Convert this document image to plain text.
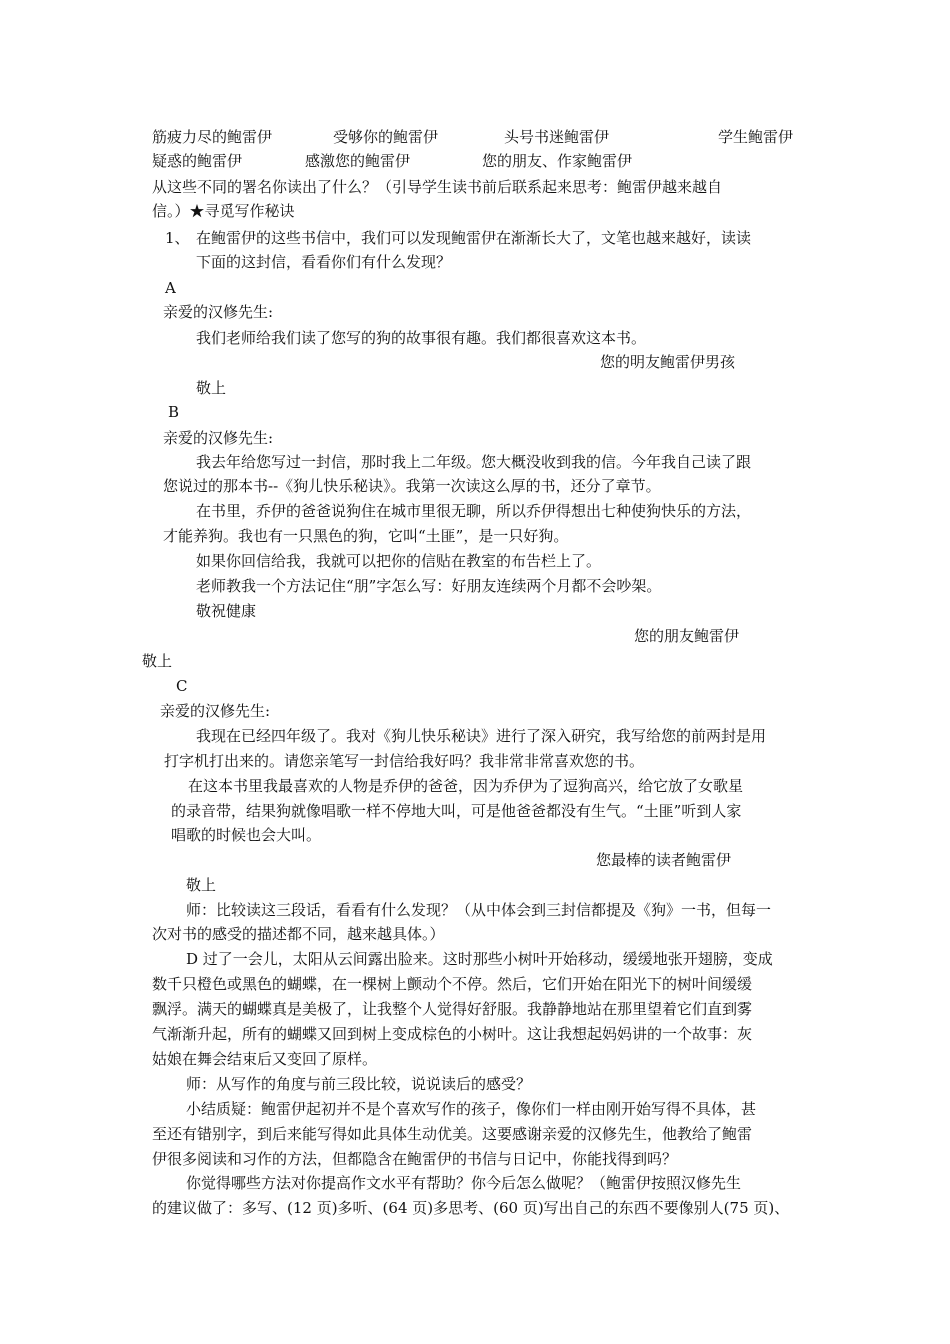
筋疲力尽的鲍雷伊	受够你的鲍雷伊	头号书迷鲍雷伊	学生鲍雷伊
疑惑的鲍雷伊	感激您的鲍雷伊	您的朋友、作家鲍雷伊
从这些不同的署名你读出了什么？（引导学生读书前后联系起来思考：鲍雷伊越来越自
信。）★寻觅写作秘诀
1、 在鲍雷伊的这些书信中，我们可以发现鲍雷伊在渐渐长大了，文笔也越来越好，读读
下面的这封信，看看你们有什么发现？
A
亲爱的汉修先生:
我们老师给我们读了您写的狗的故事很有趣。我们都很喜欢这本书。
您的明友鲍雷伊男孩
敬上
B
亲爱的汉修先生:
我去年给您写过一封信，那时我上二年级。您大概没收到我的信。今年我自己读了跟
您说过的那本书--《狗儿快乐秘诀》。我第一次读这么厚的书，还分了章节。
在书里，乔伊的爸爸说狗住在城市里很无聊，所以乔伊得想出七种使狗快乐的方法，
才能养狗。我也有一只黑色的狗，它叫“土匪”，是一只好狗。
如果你回信给我，我就可以把你的信贴在教室的布告栏上了。
老师教我一个方法记住“朋”字怎么写：好朋友连续两个月都不会吵架。
敬祝健康
您的朋友鲍雷伊
敬上
C
亲爱的汉修先生:
我现在已经四年级了。我对《狗儿快乐秘诀》进行了深入研究，我写给您的前两封是用
打字机打出来的。请您亲笔写一封信给我好吗？我非常非常喜欢您的书。
在这本书里我最喜欢的人物是乔伊的爸爸，因为乔伊为了逗狗高兴，给它放了女歌星
的录音带，结果狗就像唱歌一样不停地大叫，可是他爸爸都没有生气。“土匪”听到人家
唱歌的时候也会大叫。
您最棒的读者鲍雷伊
敬上
师：比较读这三段话，看看有什么发现？（从中体会到三封信都提及《狗》一书，但每一
次对书的感受的描述都不同，越来越具体。）
D 过了一会儿，太阳从云间露出脸来。这时那些小树叶开始移动，缓缓地张开翅膀，变成
数千只橙色或黑色的蝴蝶，在一棵树上颤动个不停。然后，它们开始在阳光下的树叶间缓缓
飘浮。满天的蝴蝶真是美极了，让我整个人觉得好舒服。我静静地站在那里望着它们直到雾
气渐渐升起，所有的蝴蝶又回到树上变成棕色的小树叶。这让我想起妈妈讲的一个故事：灰
姑娘在舞会结束后又变回了原样。
师：从写作的角度与前三段比较，说说读后的感受？
小结质疑：鲍雷伊起初并不是个喜欢写作的孩子，像你们一样由刚开始写得不具体，甚
至还有错别字，到后来能写得如此具体生动优美。这要感谢亲爱的汉修先生，他教给了鲍雷
伊很多阅读和习作的方法，但都隐含在鲍雷伊的书信与日记中，你能找得到吗？
你觉得哪些方法对你提高作文水平有帮助？你今后怎么做呢？（鲍雷伊按照汉修先生
的建议做了：多写、(12 页)多听、(64 页)多思考、(60 页)写出自己的东西不要像别人(75 页)、
